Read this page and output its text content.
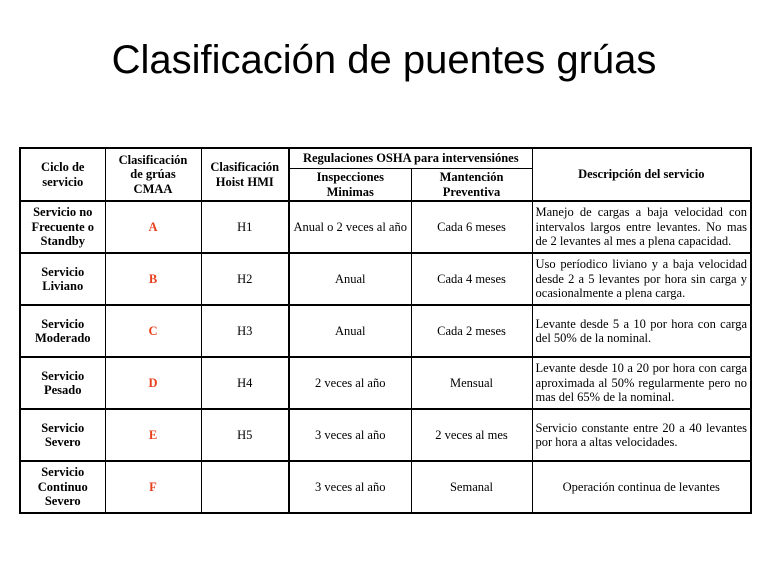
Clasificación de puentes grúas
Ciclo de servicio	Clasificación de grúas CMAA	Clasificación Hoist HMI	Regulaciones OSHA para intervensiónes		Descripción del servicio
			Inspecciones Minimas	Mantención Preventiva	
Servicio no Frecuente o Standby	A	H1	Anual o 2 veces al año	Cada 6 meses	Manejo de cargas a baja velocidad con intervalos largos entre levantes. No mas de 2 levantes al mes a plena capacidad.
Servicio Liviano	B	H2	Anual	Cada 4 meses	Uso períodico liviano y a baja velocidad desde 2 a 5 levantes por hora sin carga y ocasionalmente a plena carga.
Servicio Moderado	C	H3	Anual	Cada 2 meses	Levante desde 5 a 10 por hora con carga del 50% de la nominal.
Servicio Pesado	D	H4	2 veces al año	Mensual	Levante desde 10 a 20 por hora con carga aproximada al 50% regularmente pero no mas del 65% de la nominal.
Servicio Severo	E	H5	3 veces al año	2 veces al mes	Servicio constante entre 20 a 40 levantes por hora a altas velocidades.
Servicio Continuo Severo	F		3 veces al año	Semanal	Operación continua de levantes
